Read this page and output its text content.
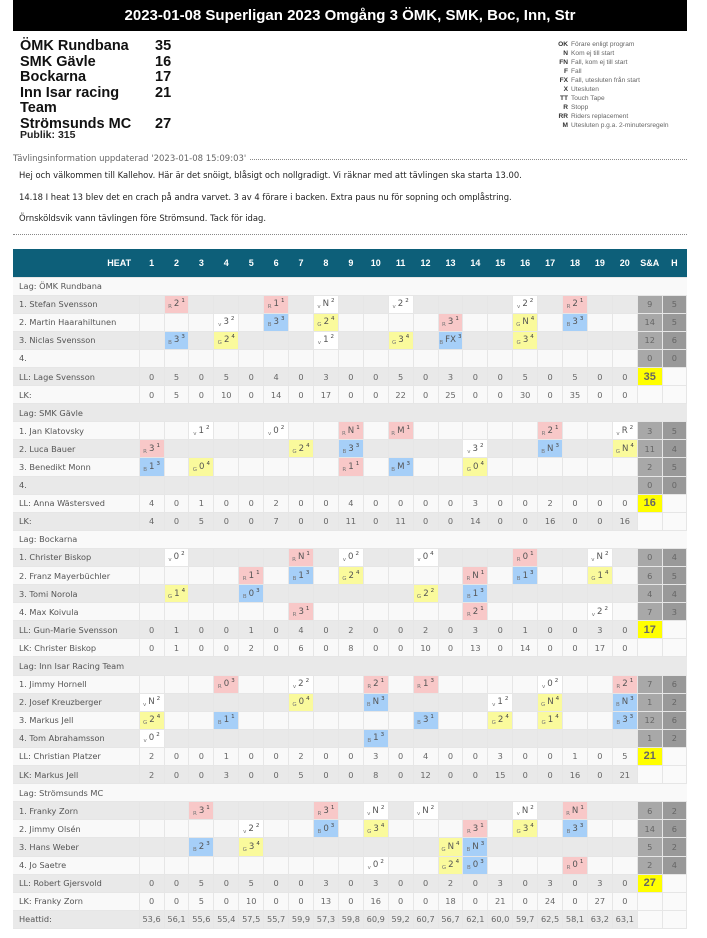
2023-01-08 Superligan 2023 Omgång 3 ÖMK, SMK, Boc, Inn, Str
ÖMK Rundbana	35
SMK Gävle	16
Bockarna	17
Inn Isar racing Team
21
Strömsunds MC	27
Publik: 315
OK Förare enligt program
N Kom ej till start
FN Fall, kom ej till start
F Fall
FX Fall, utesluten från start
X Utesluten
TT Touch Tape
R Stopp
RR Riders replacement
M Utesluten p.g.a. 2-minutersregeln
Tävlingsinformation uppdaterad '2023-01-08 15:09:03'

Hej och välkommen till Kallehov. Här är det snöigt, blåsigt och nollgradigt. Vi räknar med att tävlingen ska starta 13.00.

14.18 I heat 13 blev det en crach på andra varvet. 3 av 4 förare i backen. Extra paus nu för sopning och omplåstring.

Örnsköldsvik vann tävlingen före Strömsund. Tack för idag.

HEAT	1	2	3	4	5	6	7	8	9	10	11	12	13	14	15	16	17	18	19	20	S&A	H
Lag: ÖMK Rundbana																						
1. Stefan Svensson		$_R$ 2 $^1$				$_R$ 1 $^1$		$_v$ N $^2$			$_v$ 2 $^2$					$_v$ 2 $^2$		$_R$ 2 $^1$			9	5
2. Martin Haarahiltunen				$_v$ 3 $^2$		$_B$ 3 $^3$		$_G$ 2 $^4$					$_R$ 3 $^1$			$_G$ N $^4$		$_B$ 3 $^3$			14	5
3. Niclas Svensson		$_B$ 3 $^3$		$_G$ 2 $^4$				$_v$ 1 $^2$			$_G$ 3 $^4$		$_B$ FX $^3$			$_G$ 3 $^4$					12	6
4.																					0	0
LL: Lage Svensson	0	5	0	5	0	4	0	3	0	0	5	0	3	0	0	5	0	5	0	0	35	
LK:	0	5	0	10	0	14	0	17	0	0	22	0	25	0	0	30	0	35	0	0		
Lag: SMK Gävle																						
1. Jan Klatovsky			$_v$ 1 $^2$			$_v$ 0 $^2$			$_R$ N $^1$		$_R$ M $^1$						$_R$ 2 $^1$			$_v$ R $^2$	3	5
2. Luca Bauer	$_R$ 3 $^1$						$_G$ 2 $^4$		$_B$ 3 $^3$					$_v$ 3 $^2$			$_B$ N $^3$			$_G$ N $^4$	11	4
3. Benedikt Monn	$_B$ 1 $^3$		$_G$ 0 $^4$						$_R$ 1 $^1$		$_B$ M $^3$			$_G$ 0 $^4$							2	5
4.																					0	0
LL: Anna Wästersved	4	0	1	0	0	2	0	0	4	0	0	0	0	3	0	0	2	0	0	0	16	
LK:	4	0	5	0	0	7	0	0	11	0	11	0	0	14	0	0	16	0	0	16		
Lag: Bockarna																						
1. Christer Biskop		$_v$ 0 $^2$					$_R$ N $^1$		$_v$ 0 $^2$			$_v$ 0 $^4$				$_R$ 0 $^1$			$_v$ N $^2$		0	4
2. Franz Mayerbüchler					$_R$ 1 $^1$		$_B$ 1 $^3$		$_G$ 2 $^4$					$_R$ N $^1$		$_B$ 1 $^3$			$_G$ 1 $^4$		6	5
3. Tomi Norola		$_G$ 1 $^4$			$_B$ 0 $^3$							$_G$ 2 $^2$		$_B$ 1 $^3$							4	4
4. Max Koivula							$_R$ 3 $^1$							$_R$ 2 $^1$					$_v$ 2 $^2$		7	3
LL: Gun-Marie Svensson	0	1	0	0	1	0	4	0	2	0	0	2	0	3	0	1	0	0	3	0	17	
LK: Christer Biskop	0	1	0	0	2	0	6	0	8	0	0	10	0	13	0	14	0	0	17	0		
Lag: Inn Isar Racing Team																						
1. Jimmy Hornell				$_R$ 0 $^3$			$_v$ 2 $^2$			$_R$ 2 $^1$		$_R$ 1 $^3$					$_v$ 0 $^2$			$_R$ 2 $^1$	7	6
2. Josef Kreuzberger	$_v$ N $^2$						$_G$ 0 $^4$			$_B$ N $^3$					$_v$ 1 $^2$		$_G$ N $^4$			$_B$ N $^3$	1	2
3. Markus Jell	$_G$ 2 $^4$			$_B$ 1 $^1$								$_B$ 3 $^1$			$_G$ 2 $^4$		$_G$ 1 $^4$			$_B$ 3 $^3$	12	6
4. Tom Abrahamsson	$_v$ 0 $^2$									$_B$ 1 $^3$											1	2
LL: Christian Platzer	2	0	0	1	0	0	2	0	0	3	0	4	0	0	3	0	0	1	0	5	21	
LK: Markus Jell	2	0	0	3	0	0	5	0	0	8	0	12	0	0	15	0	0	16	0	21		
Lag: Strömsunds MC																						
1. Franky Zorn			$_R$ 3 $^1$					$_R$ 3 $^1$		$_v$ N $^2$		$_v$ N $^2$				$_v$ N $^2$		$_R$ N $^1$			6	2
2. Jimmy Olsén					$_v$ 2 $^2$			$_B$ 0 $^3$		$_G$ 3 $^4$				$_R$ 3 $^1$		$_G$ 3 $^4$		$_B$ 3 $^3$			14	6
3. Hans Weber			$_B$ 2 $^3$		$_G$ 3 $^4$								$_G$ N $^4$	$_B$ N $^3$							5	2
4. Jo Saetre										$_v$ 0 $^2$			$_G$ 2 $^4$	$_B$ 0 $^3$				$_R$ 0 $^1$			2	4
LL: Robert Gjersvold	0	0	5	0	5	0	0	3	0	3	0	0	2	0	3	0	3	0	3	0	27	
LK: Franky Zorn	0	0	5	0	10	0	0	13	0	16	0	0	18	0	21	0	24	0	27	0		
Heattid:	53,6	56,1	55,6	55,4	57,5	55,7	59,9	57,3	59,8	60,9	59,2	60,7	56,7	62,1	60,0	59,7	62,5	58,1	63,2	63,1		
